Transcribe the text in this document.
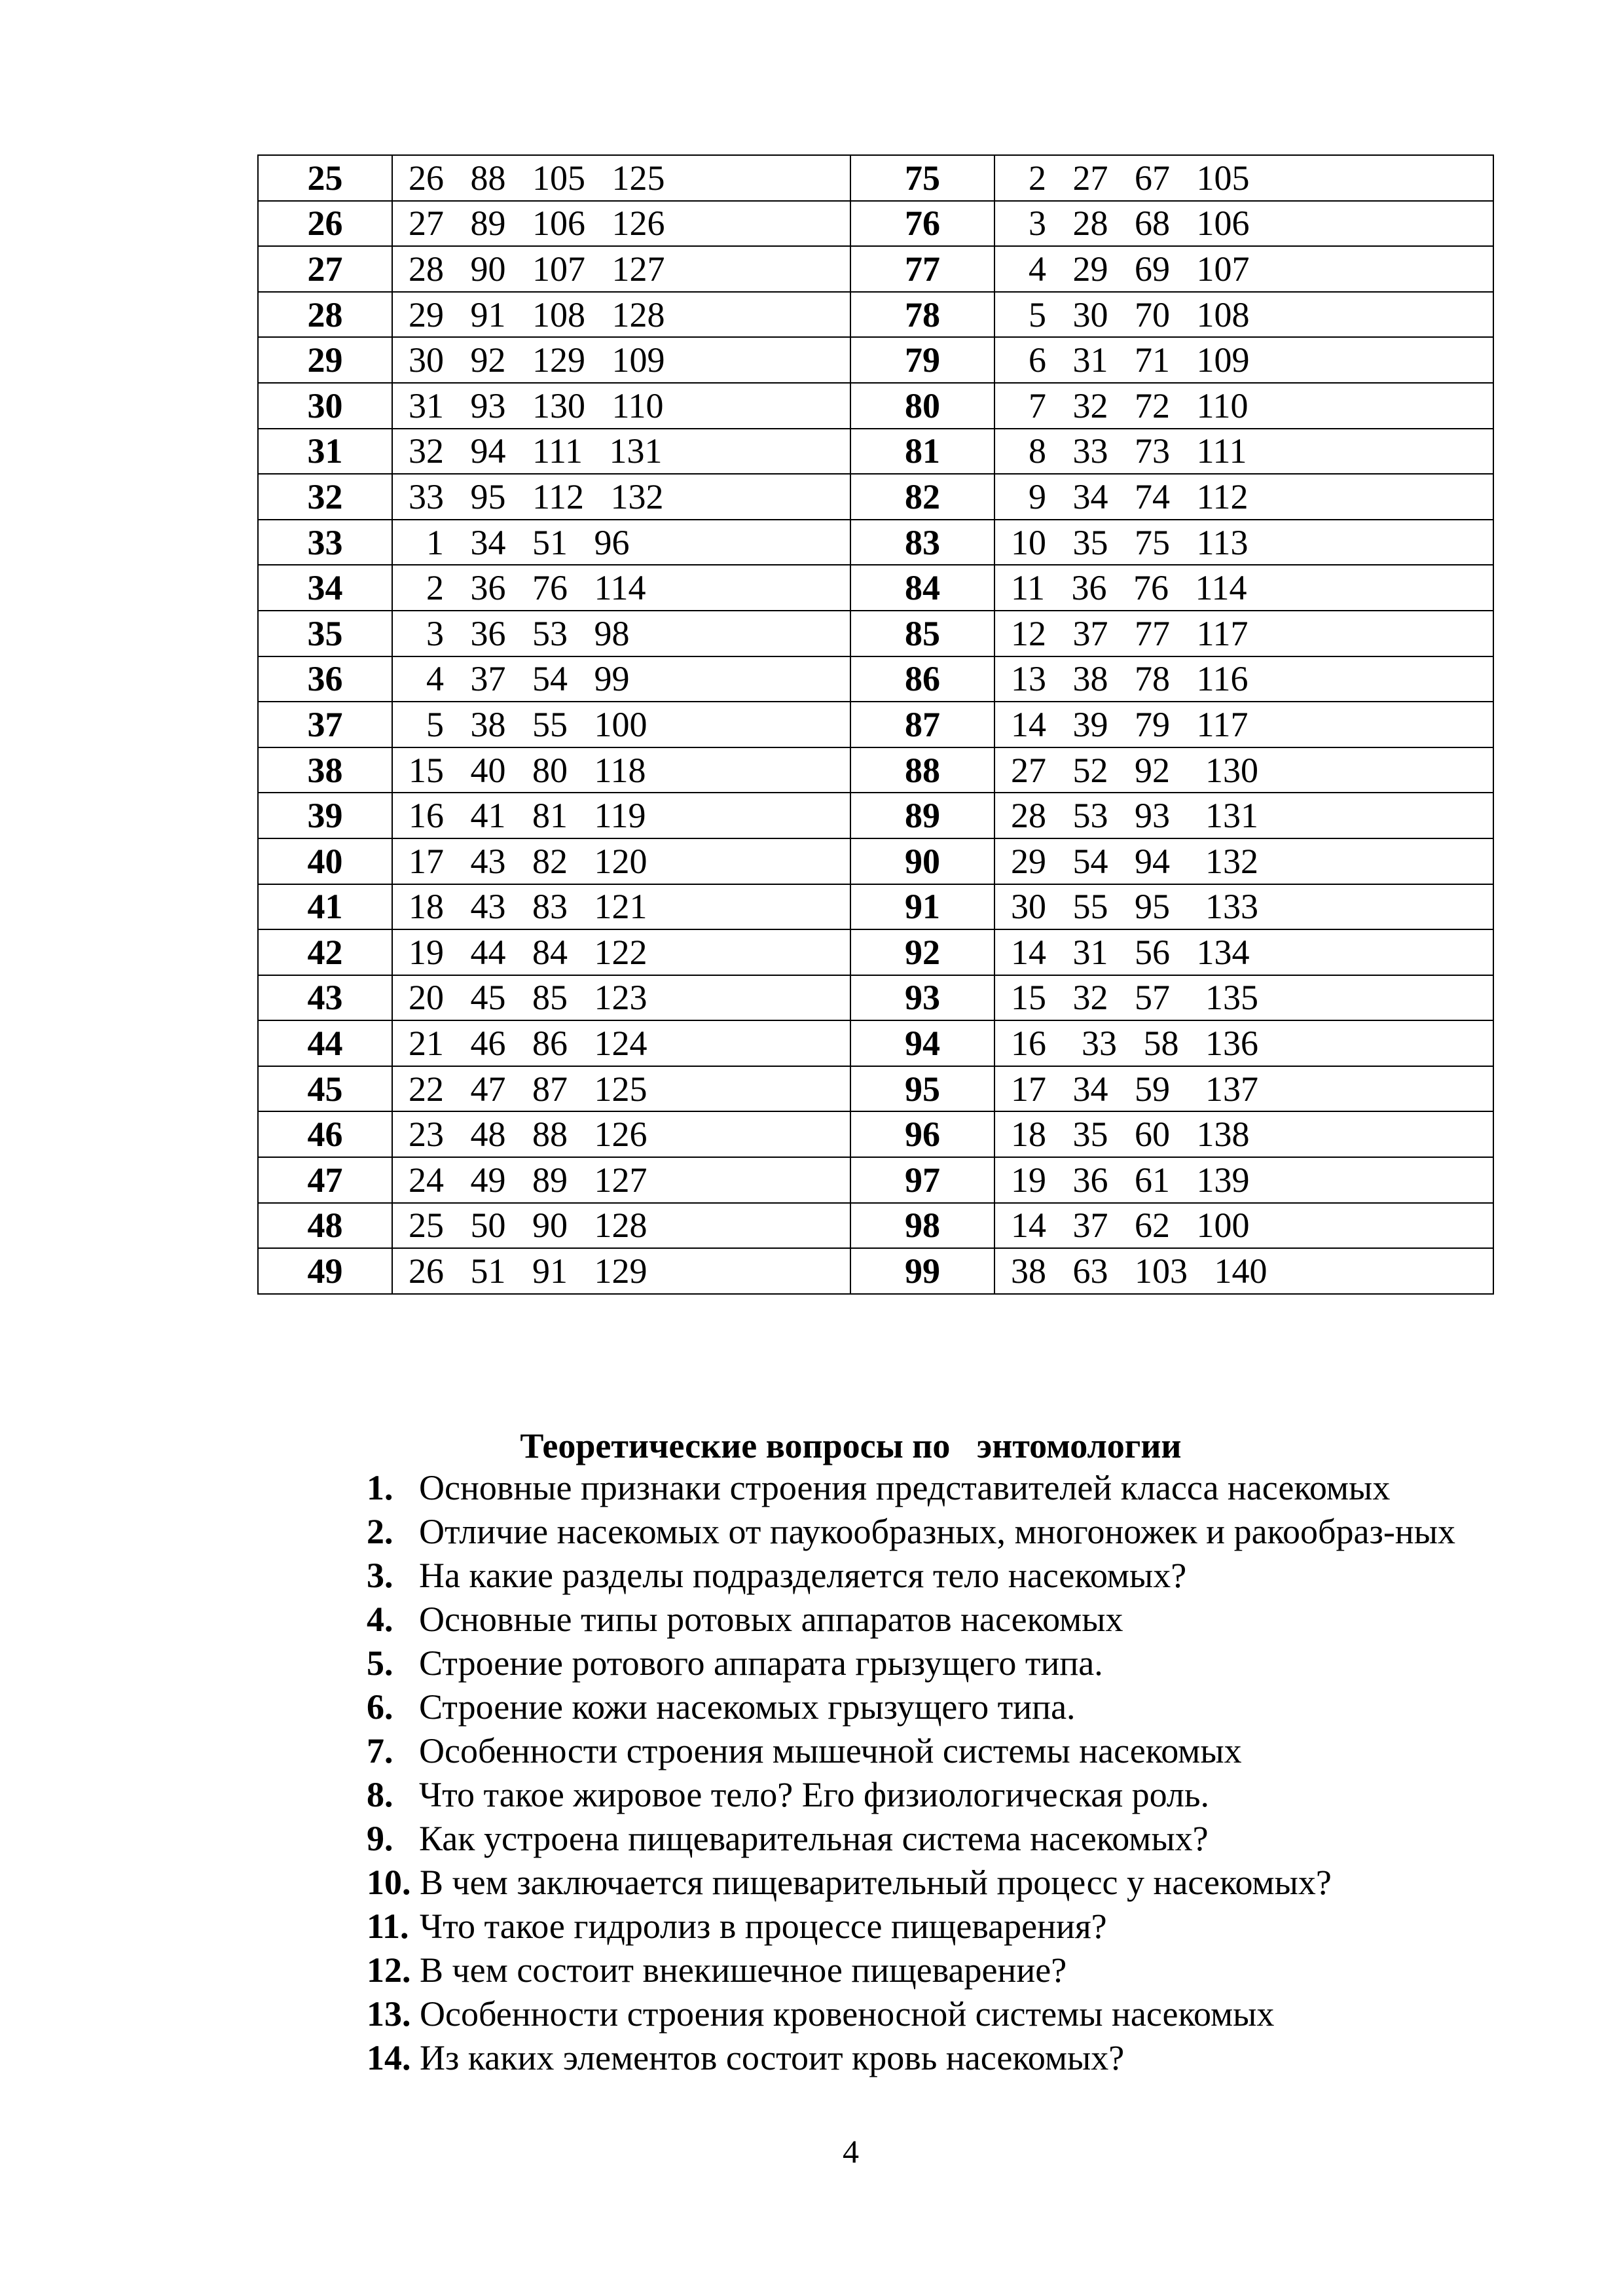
25	26   88   105   125	75	2   27   67   105
26	27   89   106   126	76	3   28   68   106
27	28   90   107   127	77	4   29   69   107
28	29   91   108   128	78	5   30   70   108
29	30   92   129   109	79	6   31   71   109
30	31   93   130   110	80	7   32   72   110
31	32   94   111   131	81	8   33   73   111
32	33   95   112   132	82	9   34   74   112
33	1   34   51   96	83	10   35   75   113
34	2   36   76   114	84	11   36   76   114
35	3   36   53   98	85	12   37   77   117
36	4   37   54   99	86	13   38   78   116
37	5   38   55   100	87	14   39   79   117
38	15   40   80   118	88	27   52   92    130
39	16   41   81   119	89	28   53   93    131
40	17   43   82   120	90	29   54   94    132
41	18   43   83   121	91	30   55   95    133
42	19   44   84   122	92	14   31   56   134
43	20   45   85   123	93	15   32   57    135
44	21   46   86   124	94	16    33   58   136
45	22   47   87   125	95	17   34   59    137
46	23   48   88   126	96	18   35   60   138
47	24   49   89   127	97	19   36   61   139
48	25   50   90   128	98	14   37   62   100
49	26   51   91   129	99	38   63   103   140
Теоретические вопросы по   энтомологии
1. Основные признаки строения представителей класса насекомых
2. Отличие насекомых от паукообразных, многоножек и ракообраз-ных
3. На какие разделы подразделяется тело насекомых?
4. Основные типы ротовых аппаратов насекомых
5. Строение ротового аппарата грызущего типа.
6. Строение кожи насекомых грызущего типа.
7. Особенности строения мышечной системы насекомых
8. Что такое жировое тело? Его физиологическая роль.
9. Как устроена пищеварительная система насекомых?
10. В чем заключается пищеварительный процесс у насекомых?
11. Что такое гидролиз в процессе пищеварения?
12. В чем состоит внекишечное пищеварение?
13. Особенности строения кровеносной системы насекомых
14. Из каких элементов состоит кровь насекомых?
4
